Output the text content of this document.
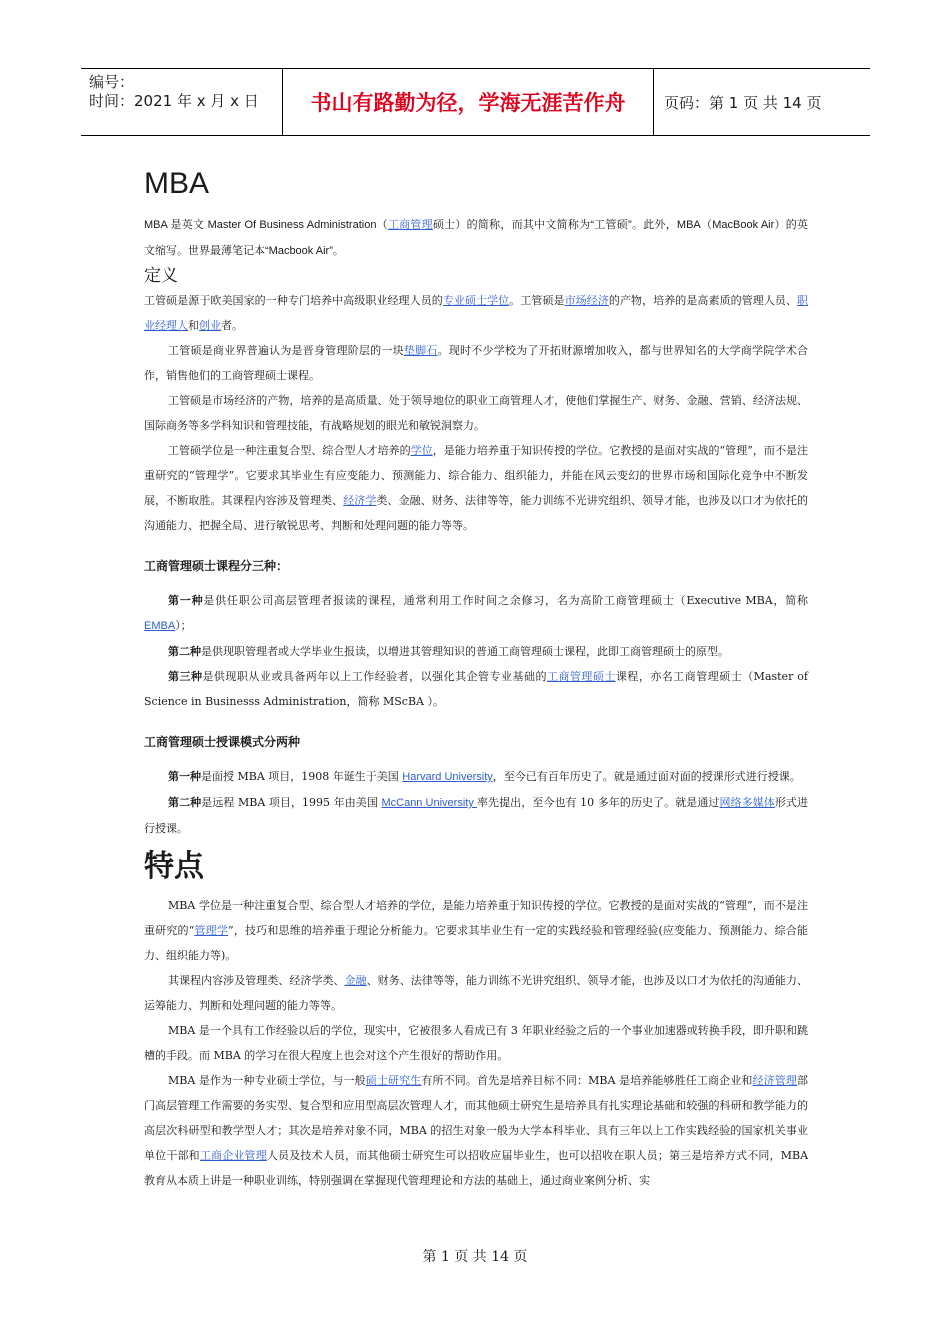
编号：
时间：2021 年 x 月 x 日	书山有路勤为径，学海无涯苦作舟	页码：第 1 页 共 14 页
MBA

MBA 是英文 Master Of Business Administration（工商管理硕士）的简称，而其中文简称为“工管硕”。此外，MBA（MacBook Air）的英文缩写。世界最薄笔记本“Macbook Air”。

定义

工管硕是源于欧美国家的一种专门培养中高级职业经理人员的专业硕士学位。工管硕是市场经济的产物，培养的是高素质的管理人员、职业经理人和创业者。

工管硕是商业界普遍认为是晋身管理阶层的一块垫脚石。现时不少学校为了开拓财源增加收入，都与世界知名的大学商学院学术合作，销售他们的工商管理硕士课程。

工管硕是市场经济的产物，培养的是高质量、处于领导地位的职业工商管理人才，使他们掌握生产、财务、金融、营销、经济法规、国际商务等多学科知识和管理技能，有战略规划的眼光和敏锐洞察力。

工管硕学位是一种注重复合型、综合型人才培养的学位，是能力培养重于知识传授的学位。它教授的是面对实战的“管理”，而不是注重研究的“管理学”。它要求其毕业生有应变能力、预测能力、综合能力、组织能力，并能在风云变幻的世界市场和国际化竞争中不断发展，不断取胜。其课程内容涉及管理类、经济学类、金融、财务、法律等等，能力训练不光讲究组织、领导才能，也涉及以口才为依托的沟通能力、把握全局、进行敏锐思考、判断和处理问题的能力等等。

工商管理硕士课程分三种：

第一种是供任职公司高层管理者报读的课程，通常利用工作时间之余修习，名为高阶工商管理硕士（Executive MBA，简称EMBA）；

第二种是供现职管理者或大学毕业生报读，以增进其管理知识的普通工商管理硕士课程，此即工商管理硕士的原型。

第三种是供现职从业或具备两年以上工作经验者，以强化其企管专业基础的工商管理硕士课程，亦名工商管理硕士（Master of Science in Businesss Administration，简称 MScBA ）。

工商管理硕士授课模式分两种

第一种是面授 MBA 项目，1908 年诞生于美国 Harvard University，至今已有百年历史了。就是通过面对面的授课形式进行授课。

第二种是远程 MBA 项目，1995 年由美国 McCann University 率先提出，至今也有 10 多年的历史了。就是通过网络多媒体形式进行授课。

特点

MBA 学位是一种注重复合型、综合型人才培养的学位，是能力培养重于知识传授的学位。它教授的是面对实战的“管理”，而不是注重研究的“管理学”，技巧和思维的培养重于理论分析能力。它要求其毕业生有一定的实践经验和管理经验(应变能力、预测能力、综合能力、组织能力等)。

其课程内容涉及管理类、经济学类、金融、财务、法律等等，能力训练不光讲究组织、领导才能，也涉及以口才为依托的沟通能力、运筹能力、判断和处理问题的能力等等。

MBA 是一个具有工作经验以后的学位，现实中，它被很多人看成已有 3 年职业经验之后的一个事业加速器或转换手段，即升职和跳槽的手段。而 MBA 的学习在很大程度上也会对这个产生很好的帮助作用。

MBA 是作为一种专业硕士学位，与一般硕士研究生有所不同。首先是培养目标不同：MBA 是培养能够胜任工商企业和经济管理部门高层管理工作需要的务实型、复合型和应用型高层次管理人才，而其他硕士研究生是培养具有扎实理论基础和较强的科研和教学能力的高层次科研型和教学型人才；其次是培养对象不同，MBA 的招生对象一般为大学本科毕业、具有三年以上工作实践经验的国家机关事业单位干部和工商企业管理人员及技术人员，而其他硕士研究生可以招收应届毕业生，也可以招收在职人员；第三是培养方式不同，MBA 教育从本质上讲是一种职业训练，特别强调在掌握现代管理理论和方法的基础上，通过商业案例分析、实

第 1 页 共 14 页
